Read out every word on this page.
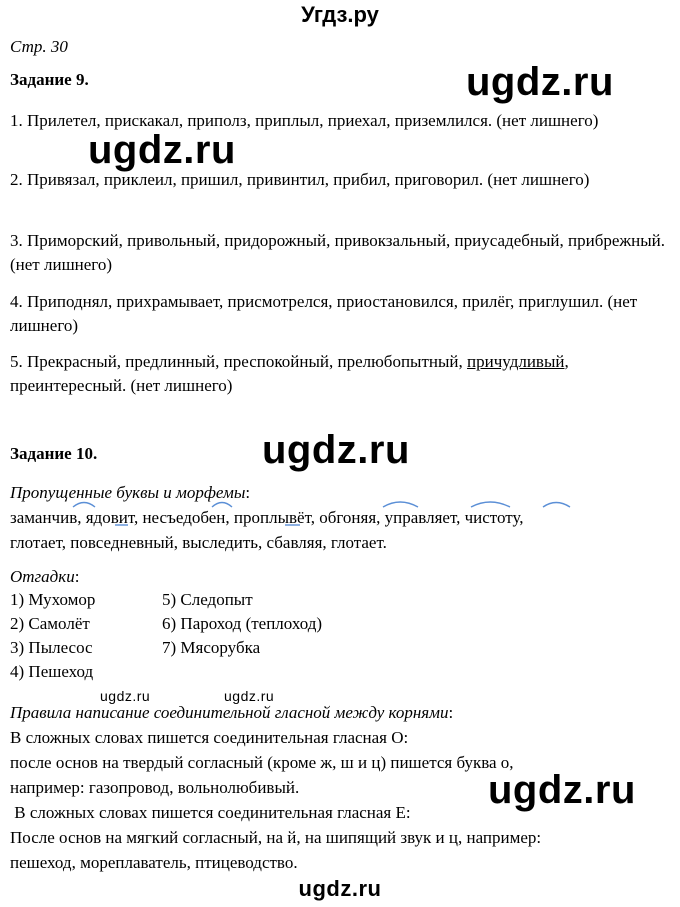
Угдз.ру
Стр. 30
Задание 9.	ugdz.ru
1. Прилетел, прискакал, приполз, приплыл, приехал, приземлился. (нет лишнего)
ugdz.ru
2. Привязал, приклеил, пришил, привинтил, прибил, приговорил. (нет лишнего)
3. Приморский, привольный, придорожный, привокзальный, приусадебный, прибрежный. (нет лишнего)
4. Приподнял, прихрамывает, присмотрелся, приостановился, прилёг, приглушил. (нет лишнего)
5. Прекрасный, предлинный, преспокойный, прелюбопытный, причудливый, преинтересный. (нет лишнего)
Задание 10.	ugdz.ru
Пропущенные буквы и морфемы:
заманчив, ядовит, несъедобен, проплывёт, обгоняя, управляет, чистоту,
глотает, повседневный, выследить, сбавляя, глотает.
Отгадки:
1) Мухомор
2) Самолёт
3) Пылесос
4) Пешеход
5) Следопыт
6) Пароход (теплоход)
7) Мясорубка
ugdz.ru	ugdz.ru
Правила написание соединительной гласной между корнями:
В сложных словах пишется соединительная гласная О:
после основ на твердый согласный (кроме ж, ш и ц) пишется буква о,
например: газопровод, вольнолюбивый.
В сложных словах пишется соединительная гласная Е:
После основ на мягкий согласный, на й, на шипящий звук и ц, например:
пешеход, мореплаватель, птицеводство.
ugdz.ru
ugdz.ru
